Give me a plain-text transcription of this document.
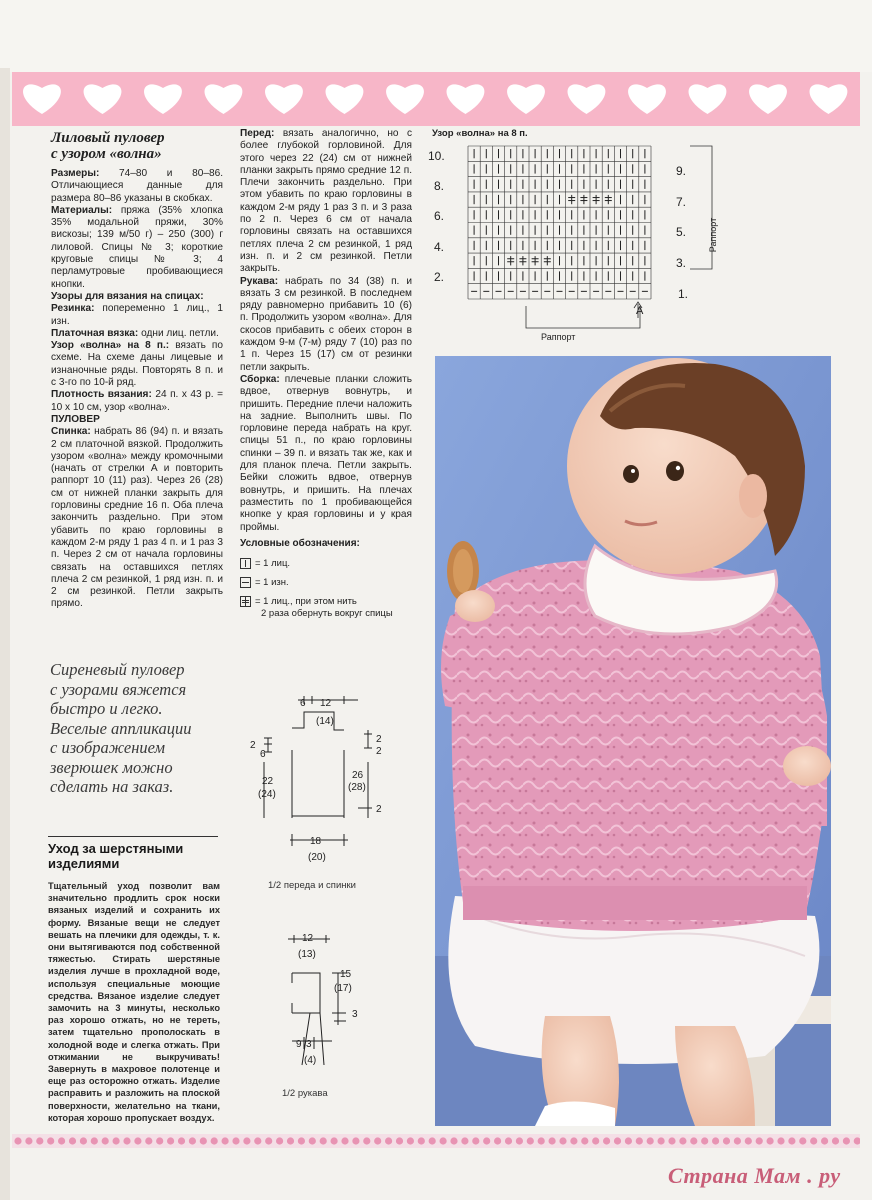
Лиловый пуловер
с узором «волна»

Размеры: 74–80 и 80–86. Отличающиеся данные для размера 80–86 указаны в скобках.

Материалы: пряжа (35% хлопка 35% модальной пряжи, 30% вискозы; 139 м/50 г) – 250 (300) г лиловой. Спицы № 3; короткие круговые спицы № 3; 4 перламутровые пробивающиеся кнопки.

Узоры для вязания на спицах:

Резинка: попеременно 1 лиц., 1 изн.

Платочная вязка: одни лиц. петли.

Узор «волна» на 8 п.: вязать по схеме. На схеме даны лицевые и изнаночные ряды. Повторять 8 п. и с 3-го по 10-й ряд.

Плотность вязания: 24 п. х 43 р. = 10 х 10 см, узор «волна».

ПУЛОВЕР

Спинка: набрать 86 (94) п. и вязать 2 см платочной вязкой. Продолжить узором «волна» между кромочными (начать от стрелки А и повторить раппорт 10 (11) раз). Через 26 (28) см от нижней планки закрыть для горловины средние 16 п. Оба плеча закончить раздельно. При этом убавить по краю горловины в каждом 2-м ряду 1 раз 4 п. и 1 раз 3 п. Через 2 см от начала горловины связать на оставшихся петлях плеча 2 см резинкой, 1 ряд изн. п. и 2 см резинкой. Петли закрыть прямо.

Перед: вязать аналогично, но с более глубокой горловиной. Для этого через 22 (24) см от нижней планки закрыть прямо средние 12 п. Плечи закончить раздельно. При этом убавить по краю горловины в каждом 2-м ряду 1 раз 3 п. и 3 раза по 2 п. Через 6 см от начала горловины связать на оставшихся петлях плеча 2 см резинкой, 1 ряд изн. п. и 2 см резинкой. Петли закрыть.

Рукава: набрать по 34 (38) п. и вязать 3 см резинкой. В последнем ряду равномерно прибавить 10 (6) п. Продолжить узором «волна». Для скосов прибавить с обеих сторон в каждом 9-м (7-м) ряду 7 (10) раз по 1 п. Через 15 (17) см от резинки петли закрыть.

Сборка: плечевые планки сложить вдвое, отвернув вовнутрь, и пришить. Передние плечи наложить на задние. Выполнить швы. По горловине переда набрать на круг. спицы 51 п., по краю горловины спинки – 39 п. и вязать так же, как и для планок плеча. Петли закрыть. Бейки сложить вдвое, отвернув вовнутрь, и пришить. На плечах разместить по 1 пробивающейся кнопке у края горловины и у края проймы.

Условные обозначения:
= 1 лиц.
= 1 изн.
= 1 лиц., при этом нить
2 раза обернуть вокруг спицы
Сиреневый пуловер
с узорами вяжется
быстро и легко.
Веселые аппликации
с изображением
зверюшек можно
сделать на заказ.
Уход за шерстяными изделиями
Тщательный уход позволит вам значительно продлить срок носки вязаных изделий и сохранить их форму. Вязаные вещи не следует вешать на плечики для одежды, т. к. они вытягиваются под собственной тяжестью. Стирать шерстяные изделия лучше в прохладной воде, используя специальные моющие средства. Вязаное изделие следует замочить на 3 минуты, несколько раз хорошо отжать, но не тереть, затем тщательно прополоскать в холодной воде и слегка отжать. При отжимании не выкручивать! Завернуть в махровое полотенце и еще раз осторожно отжать. Изделие расправить и разложить на плоской поверхности, желательно на ткани, которая хорошо пропускает воздух.
Узор «волна» на 8 п.
10.
8.
6.
4.
2.
9.
7.
5.
3.
1.
А
Раппорт
Раппорт
6 12
(14)
2
6
22
(24)
2
2
26
(28)
2
18
(20)
1/2 переда и спинки
12
(13)
15
(17)
3
9 3
(4)
1/2 рукава
Страна Мам . ру
